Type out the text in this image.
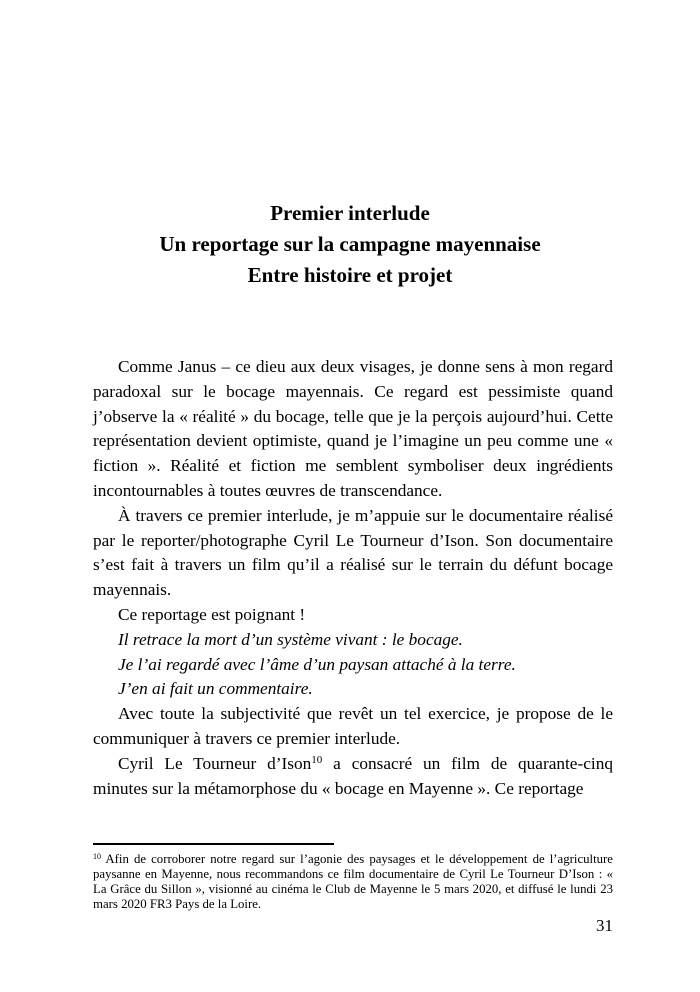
Premier interlude
Un reportage sur la campagne mayennaise
Entre histoire et projet

Comme Janus – ce dieu aux deux visages, je donne sens à mon regard paradoxal sur le bocage mayennais. Ce regard est pessimiste quand j’observe la « réalité » du bocage, telle que je la perçois aujourd’hui. Cette représentation devient optimiste, quand je l’imagine un peu comme une « fiction ». Réalité et fiction me semblent symboliser deux ingrédients incontournables à toutes œuvres de transcendance.

À travers ce premier interlude, je m’appuie sur le documentaire réalisé par le reporter/photographe Cyril Le Tourneur d’Ison. Son documentaire s’est fait à travers un film qu’il a réalisé sur le terrain du défunt bocage mayennais.

Ce reportage est poignant !

Il retrace la mort d’un système vivant : le bocage.

Je l’ai regardé avec l’âme d’un paysan attaché à la terre.

J’en ai fait un commentaire.

Avec toute la subjectivité que revêt un tel exercice, je propose de le communiquer à travers ce premier interlude.

Cyril Le Tourneur d’Ison$^{10}$ a consacré un film de quarante-cinq minutes sur la métamorphose du « bocage en Mayenne ». Ce reportage

$^{10}$ Afin de corroborer notre regard sur l’agonie des paysages et le développement de l’agriculture paysanne en Mayenne, nous recommandons ce film documentaire de Cyril Le Tourneur D’Ison : « La Grâce du Sillon », visionné au cinéma le Club de Mayenne le 5 mars 2020, et diffusé le lundi 23 mars 2020 FR3 Pays de la Loire.
31
